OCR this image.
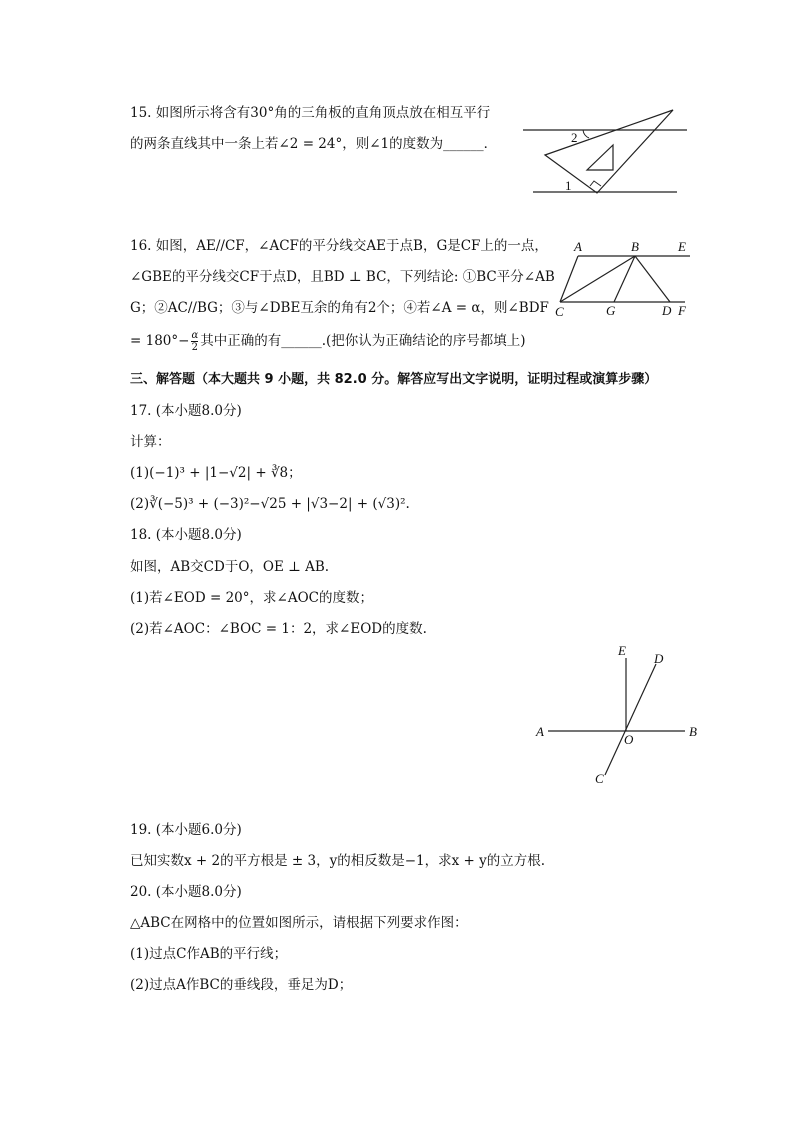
15. 如图所示将含有30°角的三角板的直角顶点放在相互平行
的两条直线其中一条上若∠2 = 24°，则∠1的度数为______．	2
1
16. 如图，AE//CF，∠ACF的平分线交AE于点B，G是CF上的一点，
∠GBE的平分线交CF于点D，且BD ⊥ BC，下列结论: ①BC平分∠AB
G；②AC//BG；③与∠DBE互余的角有2个；④若∠A = α，则∠BDF
= $180^\circ- \frac{\alpha}{2}$ 其中正确的有______.(把你认为正确结论的序号都填上)
A	B	E
C	G	D F
三、解答题（本大题共 9 小题，共 82.0 分。解答应写出文字说明，证明过程或演算步骤）
17. (本小题8.0分)
计算：
(1)(−1)³ + |1−√2| + ∛8；
(2)∛(−5)³ + (−3)²−√25 + |√3−2| + (√3)².
18. (本小题8.0分)
如图，AB交CD于O，OE ⊥ AB.
(1)若∠EOD = 20°，求∠AOC的度数；
(2)若∠AOC：∠BOC = 1：2，求∠EOD的度数.
E
D
A
O
B
C
19. (本小题6.0分)
已知实数x + 2的平方根是 ± 3，y的相反数是−1，求x + y的立方根.
20. (本小题8.0分)
△ABC在网格中的位置如图所示，请根据下列要求作图：
(1)过点C作AB的平行线；
(2)过点A作BC的垂线段，垂足为D；
